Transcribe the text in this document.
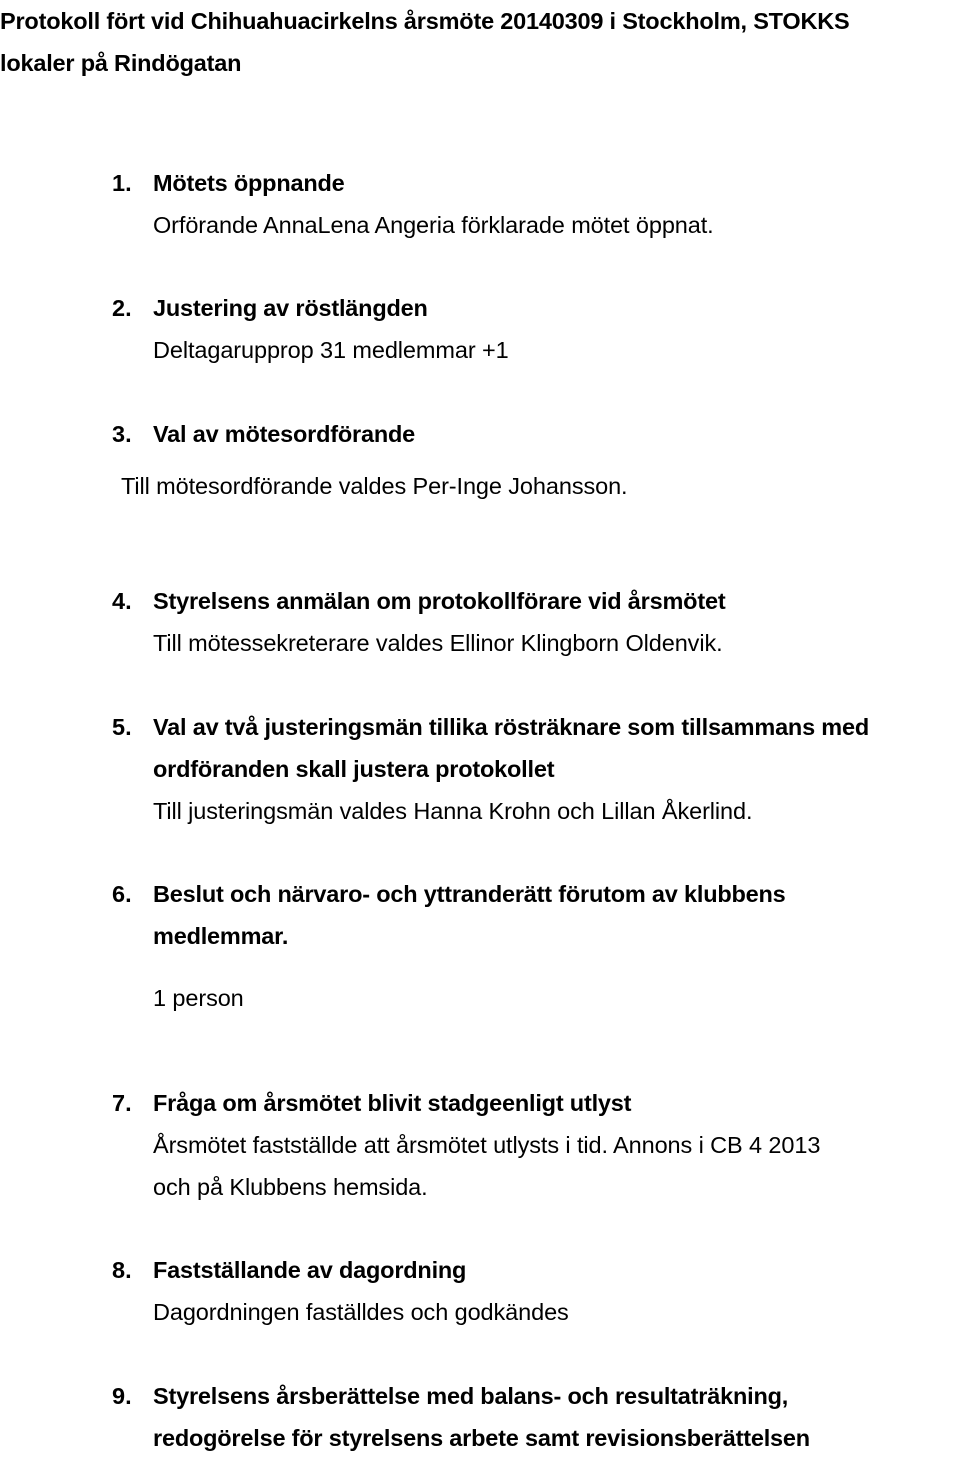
Protokoll fört vid Chihuahuacirkelns årsmöte 20140309 i Stockholm, STOKKS
lokaler på Rindögatan
1. Mötets öppnande

Orförande AnnaLena Angeria förklarade mötet öppnat.

2. Justering av röstlängden

Deltagarupprop 31 medlemmar +1

3. Val av mötesordförande

Till mötesordförande valdes Per-Inge Johansson.

4. Styrelsens anmälan om protokollförare vid årsmötet

Till mötessekreterare valdes Ellinor Klingborn Oldenvik.

5. Val av två justeringsmän tillika rösträknare som tillsammans med

ordföranden skall justera protokollet

Till justeringsmän valdes Hanna Krohn och Lillan Åkerlind.

6. Beslut och närvaro- och yttranderätt förutom av klubbens

medlemmar.

1 person

7. Fråga om årsmötet blivit stadgeenligt utlyst

Årsmötet fastställde att årsmötet utlysts i tid. Annons i CB 4 2013

och på Klubbens hemsida.

8. Fastställande av dagordning

Dagordningen faställdes och godkändes

9. Styrelsens årsberättelse med balans- och resultaträkning,

redogörelse för styrelsens arbete samt revisionsberättelsen
